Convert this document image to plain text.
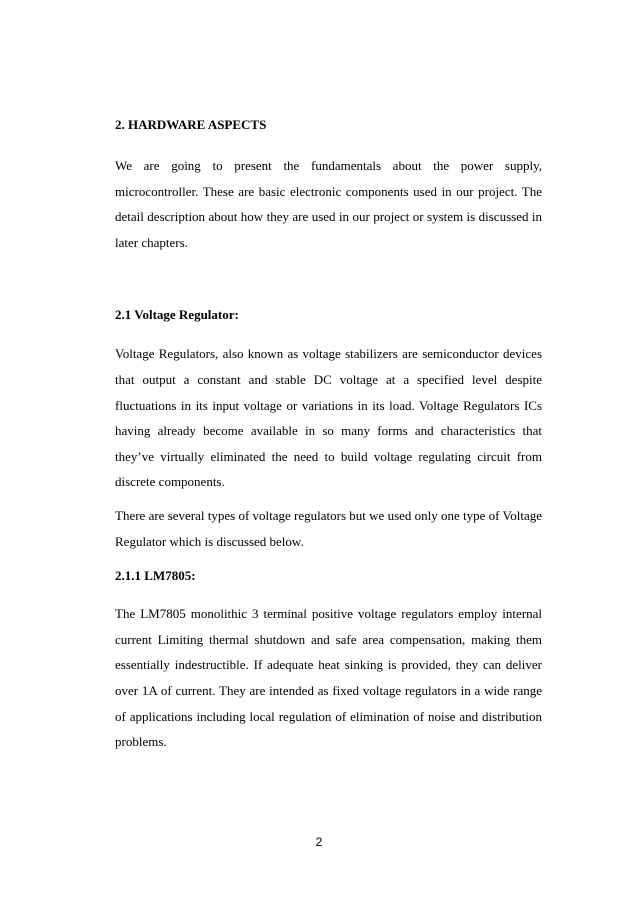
2. HARDWARE ASPECTS

We are going to present the fundamentals about the power supply, microcontroller. These are basic electronic components used in our project. The detail description about how they are used in our project or system is discussed in later chapters.

2.1 Voltage Regulator:

Voltage Regulators, also known as voltage stabilizers are semiconductor devices that output a constant and stable DC voltage at a specified level despite fluctuations in its input voltage or variations in its load. Voltage Regulators ICs having already become available in so many forms and characteristics that they’ve virtually eliminated the need to build voltage regulating circuit from discrete components.

There are several types of voltage regulators but we used only one type of Voltage Regulator which is discussed below.

2.1.1 LM7805:

The LM7805 monolithic 3 terminal positive voltage regulators employ internal current Limiting thermal shutdown and safe area compensation, making them essentially indestructible. If adequate heat sinking is provided, they can deliver over 1A of current. They are intended as fixed voltage regulators in a wide range of applications including local regulation of elimination of noise and distribution problems.

2
